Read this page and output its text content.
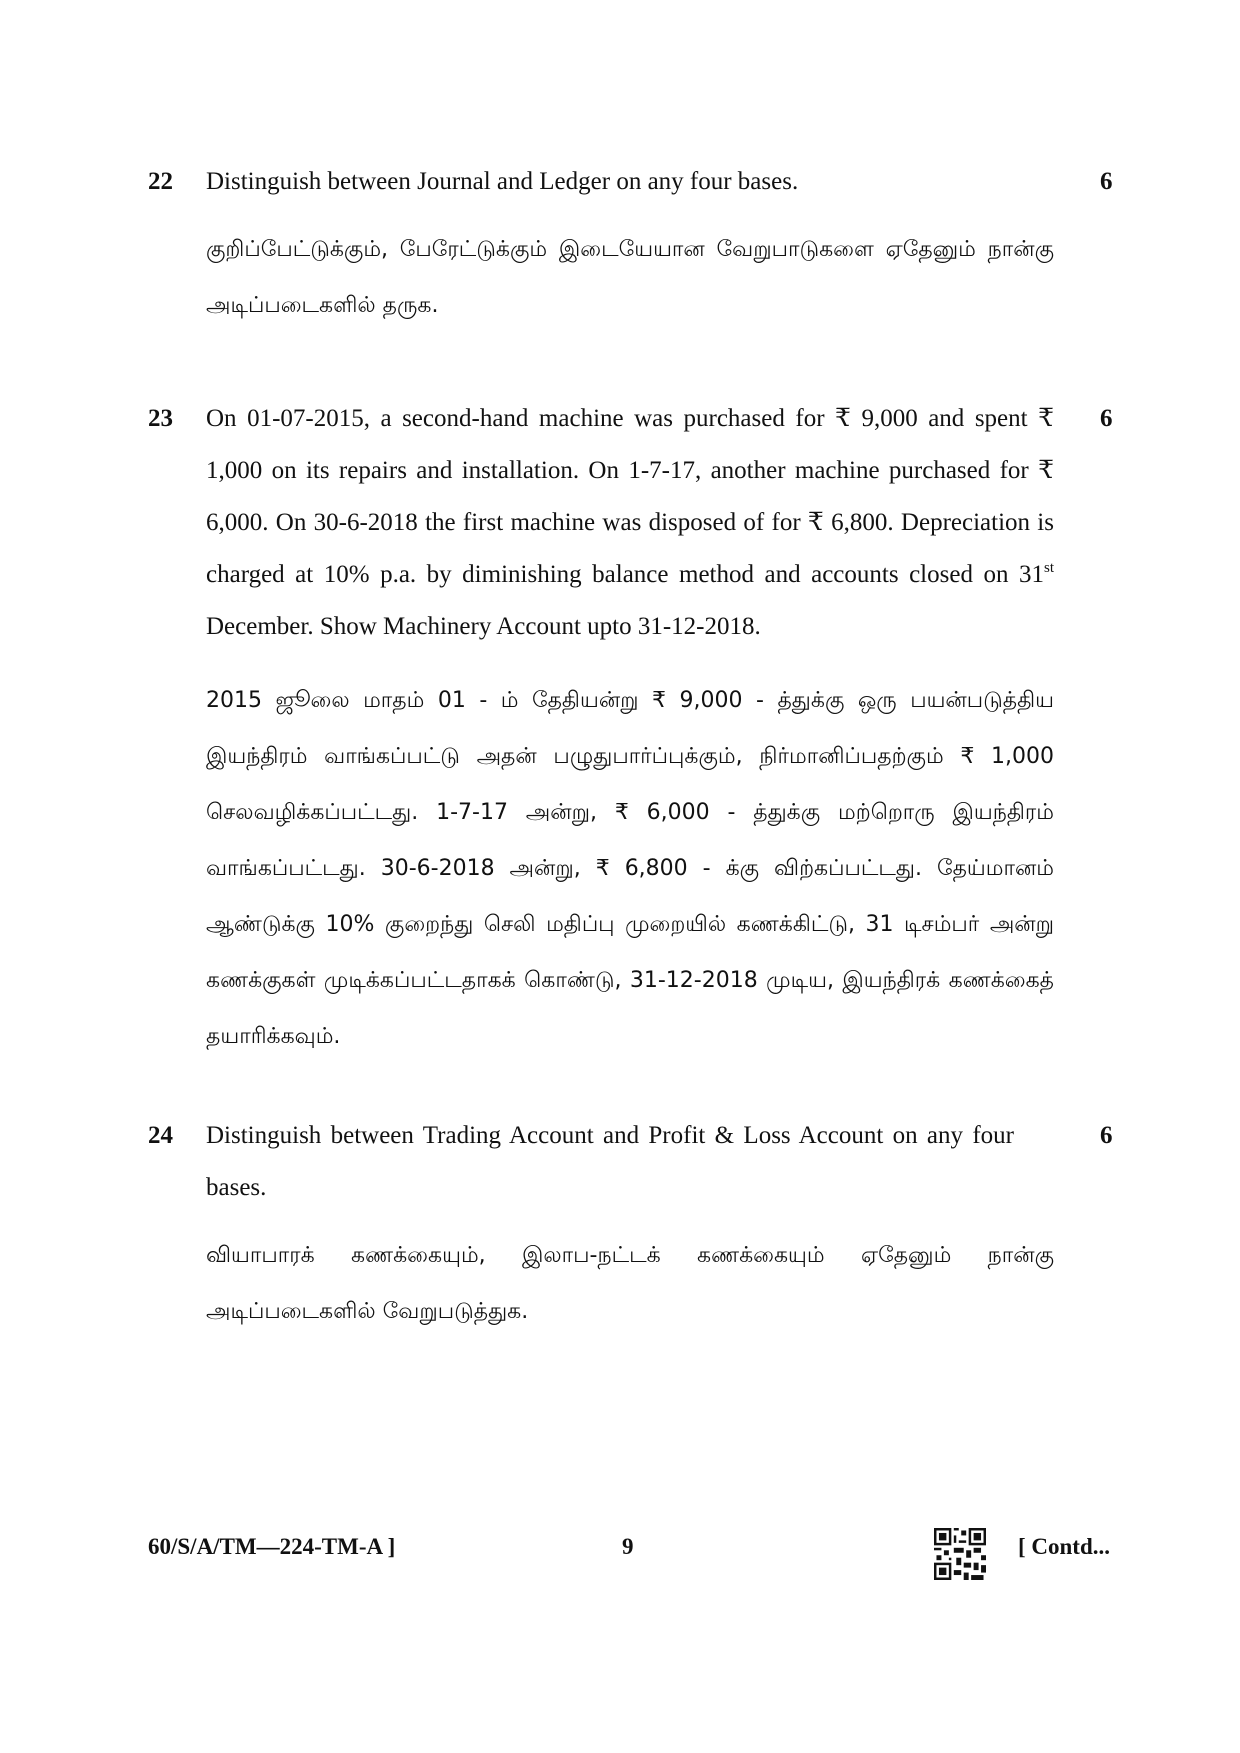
22	6

Distinguish between Journal and Ledger on any four bases.

குறிப்பேட்டுக்கும், பேரேட்டுக்கும் இடையேயான வேறுபாடுகளை ஏதேனும் நான்கு அடிப்படைகளில் தருக.

23	6

On 01-07-2015, a second-hand machine was purchased for ₹ 9,000 and spent ₹ 1,000 on its repairs and installation. On 1-7-17, another machine purchased for ₹ 6,000. On 30-6-2018 the first machine was disposed of for ₹ 6,800. Depreciation is charged at 10% p.a. by diminishing balance method and accounts closed on 31st December. Show Machinery Account upto 31-12-2018.

2015 ஜூலை மாதம் 01 - ம் தேதியன்று ₹ 9,000 - த்துக்கு ஒரு பயன்படுத்திய இயந்திரம் வாங்கப்பட்டு அதன் பழுதுபார்ப்புக்கும், நிர்மானிப்பதற்கும் ₹ 1,000 செலவழிக்கப்பட்டது. 1-7-17 அன்று, ₹ 6,000 - த்துக்கு மற்றொரு இயந்திரம் வாங்கப்பட்டது. 30-6-2018 அன்று, ₹ 6,800 - க்கு விற்கப்பட்டது. தேய்மானம் ஆண்டுக்கு 10% குறைந்து செலி மதிப்பு முறையில் கணக்கிட்டு, 31 டிசம்பர் அன்று கணக்குகள் முடிக்கப்பட்டதாகக் கொண்டு, 31-12-2018 முடிய, இயந்திரக் கணக்கைத் தயாரிக்கவும்.

24	6

Distinguish between Trading Account and Profit & Loss Account on any four bases.

வியாபாரக் கணக்கையும், இலாப-நட்டக் கணக்கையும் ஏதேனும் நான்கு அடிப்படைகளில் வேறுபடுத்துக.

60/S/A/TM—224-TM-A ]	9	[ Contd...
